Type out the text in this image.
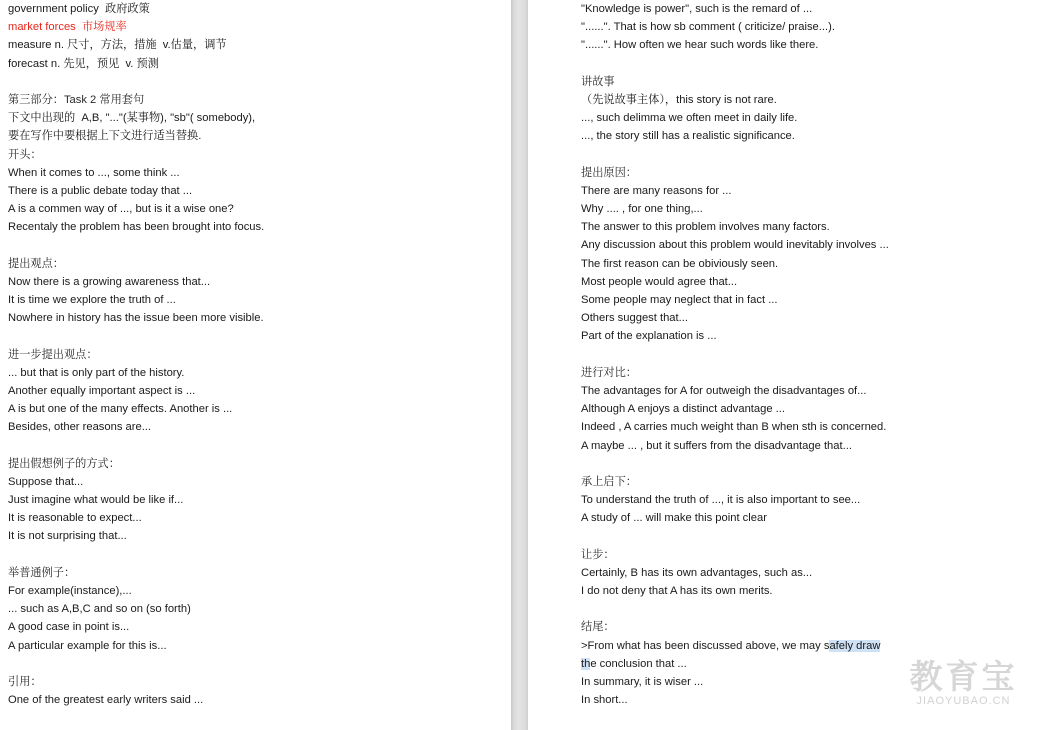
government policy  政府政策
market forces  市场规率
measure n. 尺寸，方法，措施  v.估量，调节
forecast n. 先见，预见  v. 预测

第三部分：Task 2 常用套句
下文中出现的  A,B, "..."(某事物), "sb"( somebody),
要在写作中要根据上下文进行适当替换.
开头：
When it comes to ..., some think ...
There is a public debate today that ...
A is a commen way of ..., but is it a wise one?
Recentaly the problem has been brought into focus.

提出观点：
Now there is a growing awareness that...
It is time we explore the truth of ...
Nowhere in history has the issue been more visible.

进一步提出观点：
... but that is only part of the history.
Another equally important aspect is ...
A is but one of the many effects. Another is ...
Besides, other reasons are...

提出假想例子的方式：
Suppose that...
Just imagine what would be like if...
It is reasonable to expect...
It is not surprising that...

举普通例子：
For example(instance),...
... such as A,B,C and so on (so forth)
A good case in point is...
A particular example for this is...

引用：
One of the greatest early writers said ...
"Knowledge is power", such is the remard of ...
"......". That is how sb comment ( criticize/ praise...).
"......". How often we hear such words like there.

讲故事
（先说故事主体），this story is not rare.
..., such delimma we often meet in daily life.
..., the story still has a realistic significance.

提出原因：
There are many reasons for ...
Why .... , for one thing,...
The answer to this problem involves many factors.
Any discussion about this problem would inevitably involves ...
The first reason can be obiviously seen.
Most people would agree that...
Some people may neglect that in fact ...
Others suggest that...
Part of the explanation is ...

进行对比：
The advantages for A for outweigh the disadvantages of...
Although A enjoys a distinct advantage ...
Indeed , A carries much weight than B when sth is concerned.
A maybe ... , but it suffers from the disadvantage that...

承上启下：
To understand the truth of ..., it is also important to see...
A study of ... will make this point clear

让步：
Certainly, B has its own advantages, such as...
I do not deny that A has its own merits.

结尾：
>From what has been discussed above, we may safely draw
the conclusion that ...
In summary, it is wiser ...
In short...
教育宝
JIAOYUBAO.CN
